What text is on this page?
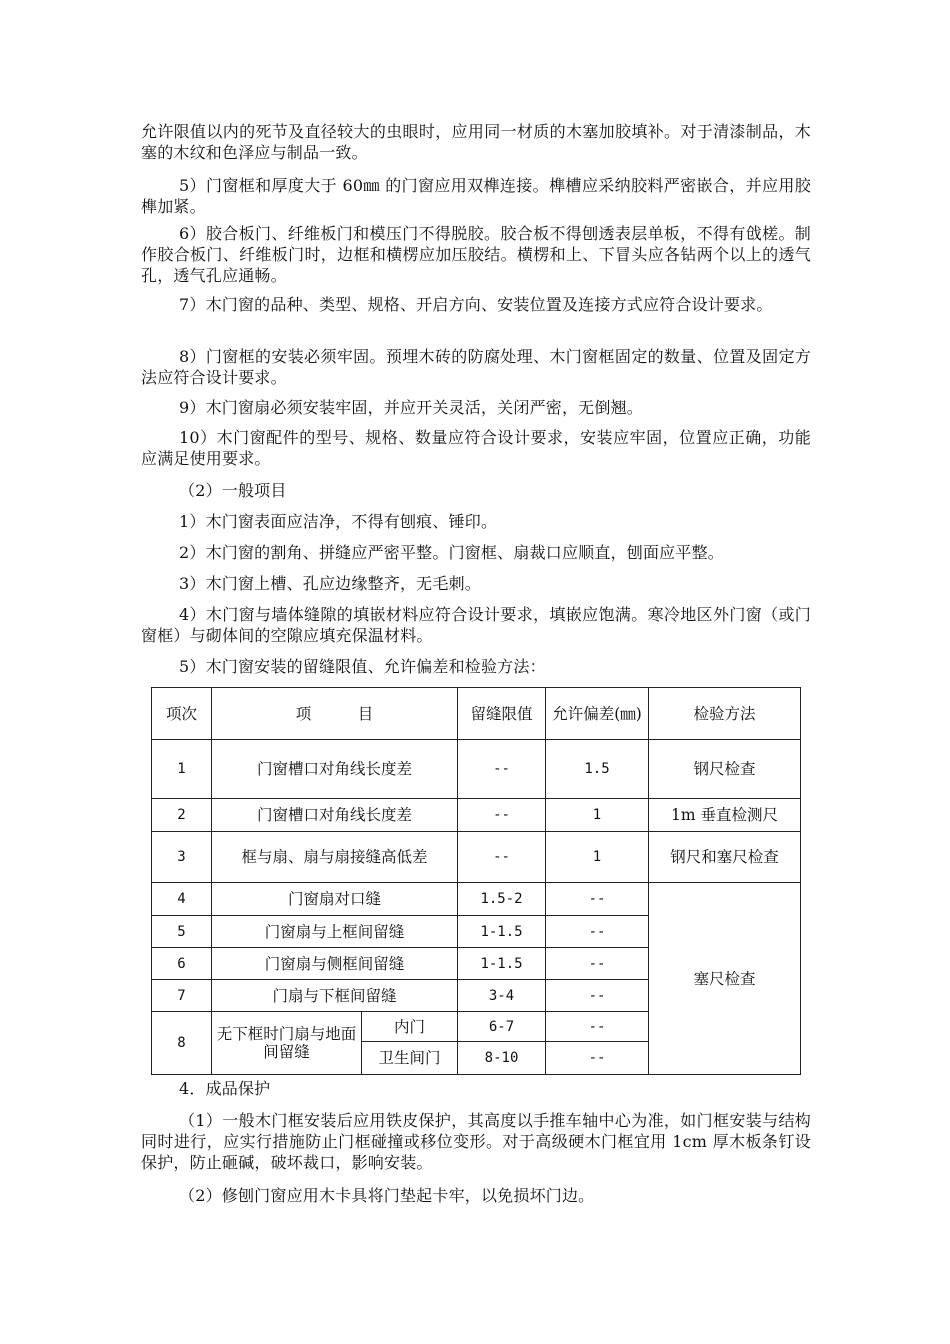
允许限值以内的死节及直径较大的虫眼时，应用同一材质的木塞加胶填补。对于清漆制品，木塞的木纹和色泽应与制品一致。

5）门窗框和厚度大于 60㎜ 的门窗应用双榫连接。榫槽应采纳胶料严密嵌合，并应用胶榫加紧。

6）胶合板门、纤维板门和模压门不得脱胶。胶合板不得刨透表层单板，不得有戗槎。制作胶合板门、纤维板门时，边框和横楞应加压胶结。横楞和上、下冒头应各钻两个以上的透气孔，透气孔应通畅。

7）木门窗的品种、类型、规格、开启方向、安装位置及连接方式应符合设计要求。

8）门窗框的安装必须牢固。预埋木砖的防腐处理、木门窗框固定的数量、位置及固定方法应符合设计要求。

9）木门窗扇必须安装牢固，并应开关灵活，关闭严密，无倒翘。

10）木门窗配件的型号、规格、数量应符合设计要求，安装应牢固，位置应正确，功能应满足使用要求。

（2）一般项目

1）木门窗表面应洁净，不得有刨痕、锤印。

2）木门窗的割角、拼缝应严密平整。门窗框、扇裁口应顺直，刨面应平整。

3）木门窗上槽、孔应边缘整齐，无毛刺。

4）木门窗与墙体缝隙的填嵌材料应符合设计要求，填嵌应饱满。寒冷地区外门窗（或门窗框）与砌体间的空隙应填充保温材料。

5）木门窗安装的留缝限值、允许偏差和检验方法：

项次	项　　　目		留缝限值	允许偏差(㎜)	检验方法
1	门窗槽口对角线长度差		--	1.5	钢尺检查
2	门窗槽口对角线长度差		--	1	1m 垂直检测尺
3	框与扇、扇与扇接缝高低差		--	1	钢尺和塞尺检查
4	门窗扇对口缝		1.5-2	--	塞尺检查
5	门窗扇与上框间留缝		1-1.5	--	
6	门窗扇与侧框间留缝		1-1.5	--	
7	门扇与下框间留缝		3-4	--	
8	无下框时门扇与地面间留缝	内门	6-7	--	
		卫生间门	8-10	--	

4．成品保护

（1）一般木门框安装后应用铁皮保护，其高度以手推车轴中心为准，如门框安装与结构同时进行，应实行措施防止门框碰撞或移位变形。对于高级硬木门框宜用 1cm 厚木板条钉设保护，防止砸碱，破坏裁口，影响安装。

（2）修刨门窗应用木卡具将门垫起卡牢，以免损坏门边。
